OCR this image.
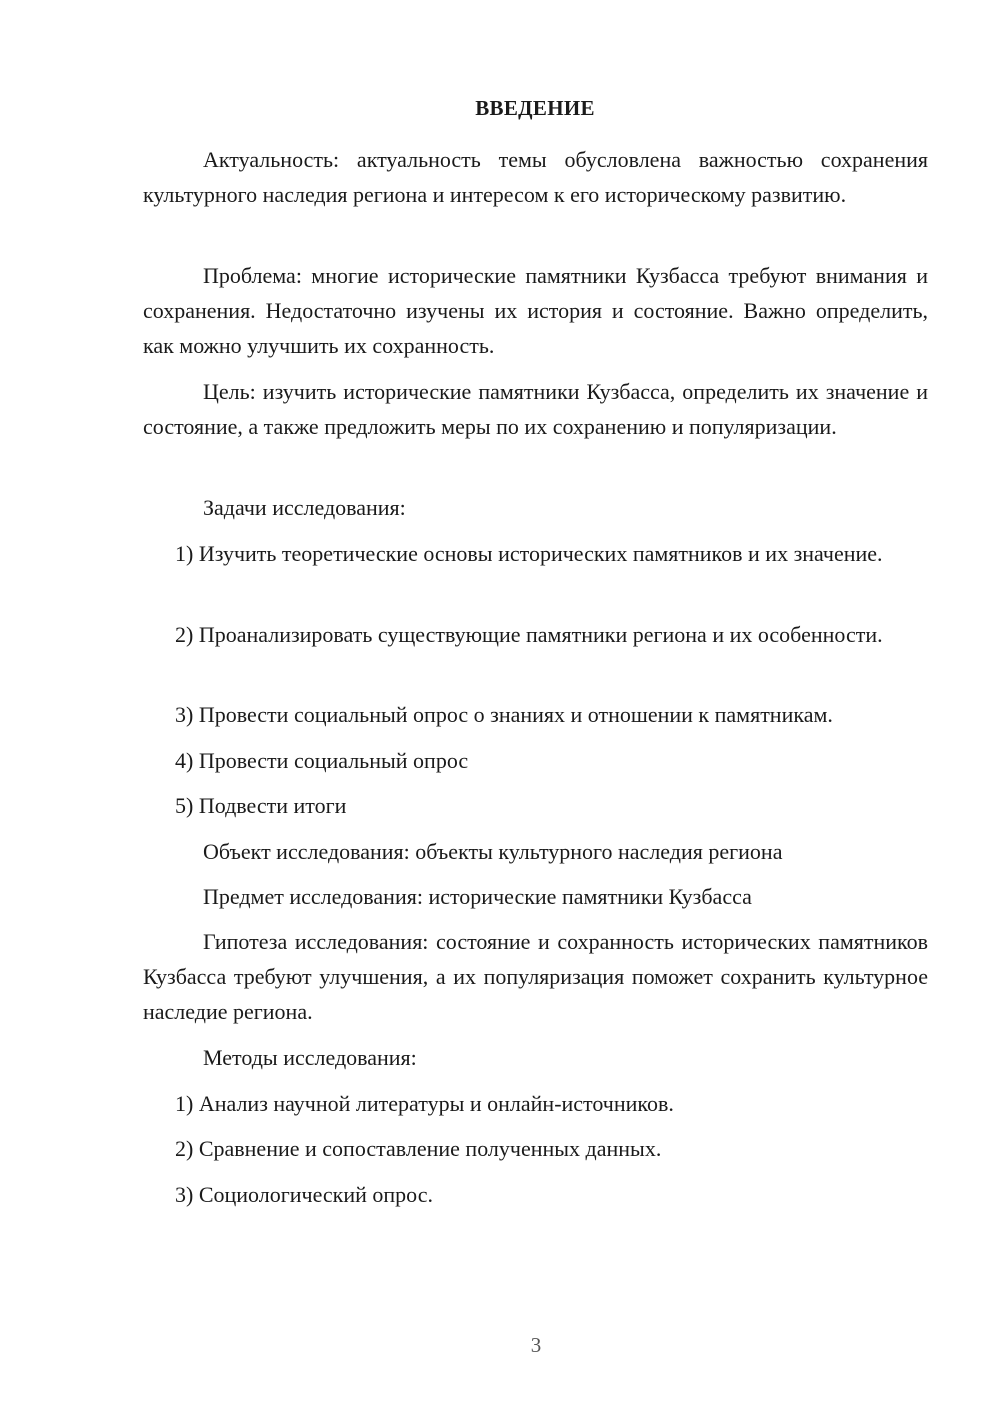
ВВЕДЕНИЕ

Актуальность: актуальность темы обусловлена важностью сохранения культурного наследия региона и интересом к его историческому развитию.

Проблема: многие исторические памятники Кузбасса требуют внимания и сохранения. Недостаточно изучены их история и состояние. Важно определить, как можно улучшить их сохранность.

Цель: изучить исторические памятники Кузбасса, определить их значение и состояние, а также предложить меры по их сохранению и популяризации.

Задачи исследования:

1) Изучить теоретические основы исторических памятников и их значение.

2) Проанализировать существующие памятники региона и их особенности.

3) Провести социальный опрос о знаниях и отношении к памятникам.

4) Провести социальный опрос

5) Подвести итоги

Объект исследования: объекты культурного наследия региона

Предмет исследования: исторические памятники Кузбасса

Гипотеза исследования: состояние и сохранность исторических памятников Кузбасса требуют улучшения, а их популяризация поможет сохранить культурное наследие региона.

Методы исследования:

1) Анализ научной литературы и онлайн-источников.

2) Сравнение и сопоставление полученных данных.

3) Социологический опрос.

3
